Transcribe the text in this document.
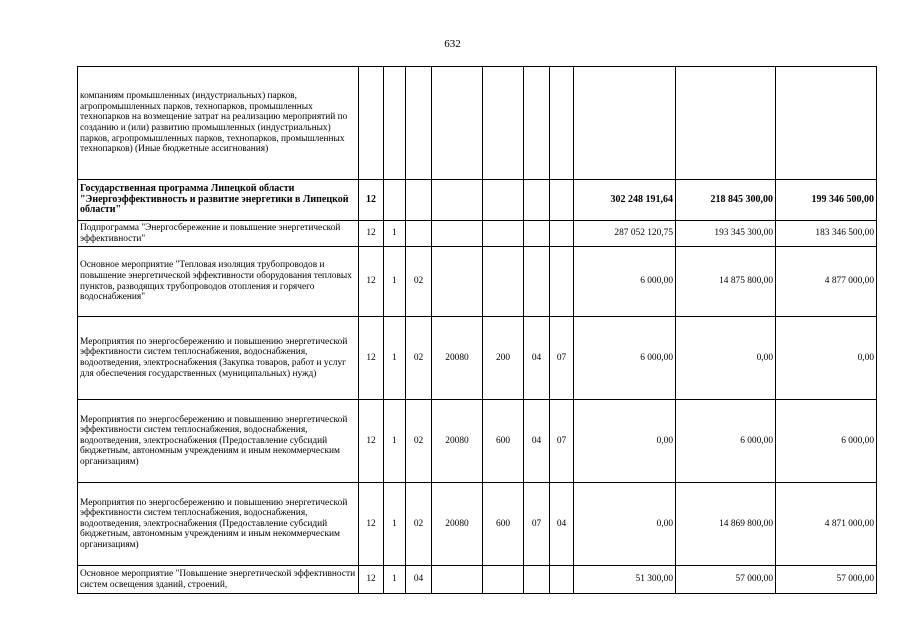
632
компаниям промышленных (индустриальных) парков, агропромышленных парков, технопарков, промышленных технопарков на возмещение затрат на реализацию мероприятий по созданию и (или) развитию промышленных (индустриальных) парков, агропромышленных парков, технопарков, промышленных технопарков) (Иные бюджетные ассигнования)										
Государственная программа Липецкой области "Энергоэффективность и развитие энергетики в Липецкой области"	12							302 248 191,64	218 845 300,00	199 346 500,00
Подпрограмма "Энергосбережение и повышение энергетической эффективности"	12	1						287 052 120,75	193 345 300,00	183 346 500,00
Основное мероприятие "Тепловая изоляция трубопроводов и повышение энергетической эффективности оборудования тепловых пунктов, разводящих трубопроводов отопления и горячего водоснабжения"	12	1	02					6 000,00	14 875 800,00	4 877 000,00
Мероприятия по энергосбережению и повышению энергетической эффективности систем теплоснабжения, водоснабжения, водоотведения, электроснабжения (Закупка товаров, работ и услуг для обеспечения государственных (муниципальных) нужд)	12	1	02	20080	200	04	07	6 000,00	0,00	0,00
Мероприятия по энергосбережению и повышению энергетической эффективности систем теплоснабжения, водоснабжения, водоотведения, электроснабжения (Предоставление субсидий бюджетным, автономным учреждениям и иным некоммерческим организациям)	12	1	02	20080	600	04	07	0,00	6 000,00	6 000,00
Мероприятия по энергосбережению и повышению энергетической эффективности систем теплоснабжения, водоснабжения, водоотведения, электроснабжения (Предоставление субсидий бюджетным, автономным учреждениям и иным некоммерческим организациям)	12	1	02	20080	600	07	04	0,00	14 869 800,00	4 871 000,00
Основное мероприятие "Повышение энергетической эффективности систем освещения зданий, строений,	12	1	04					51 300,00	57 000,00	57 000,00
